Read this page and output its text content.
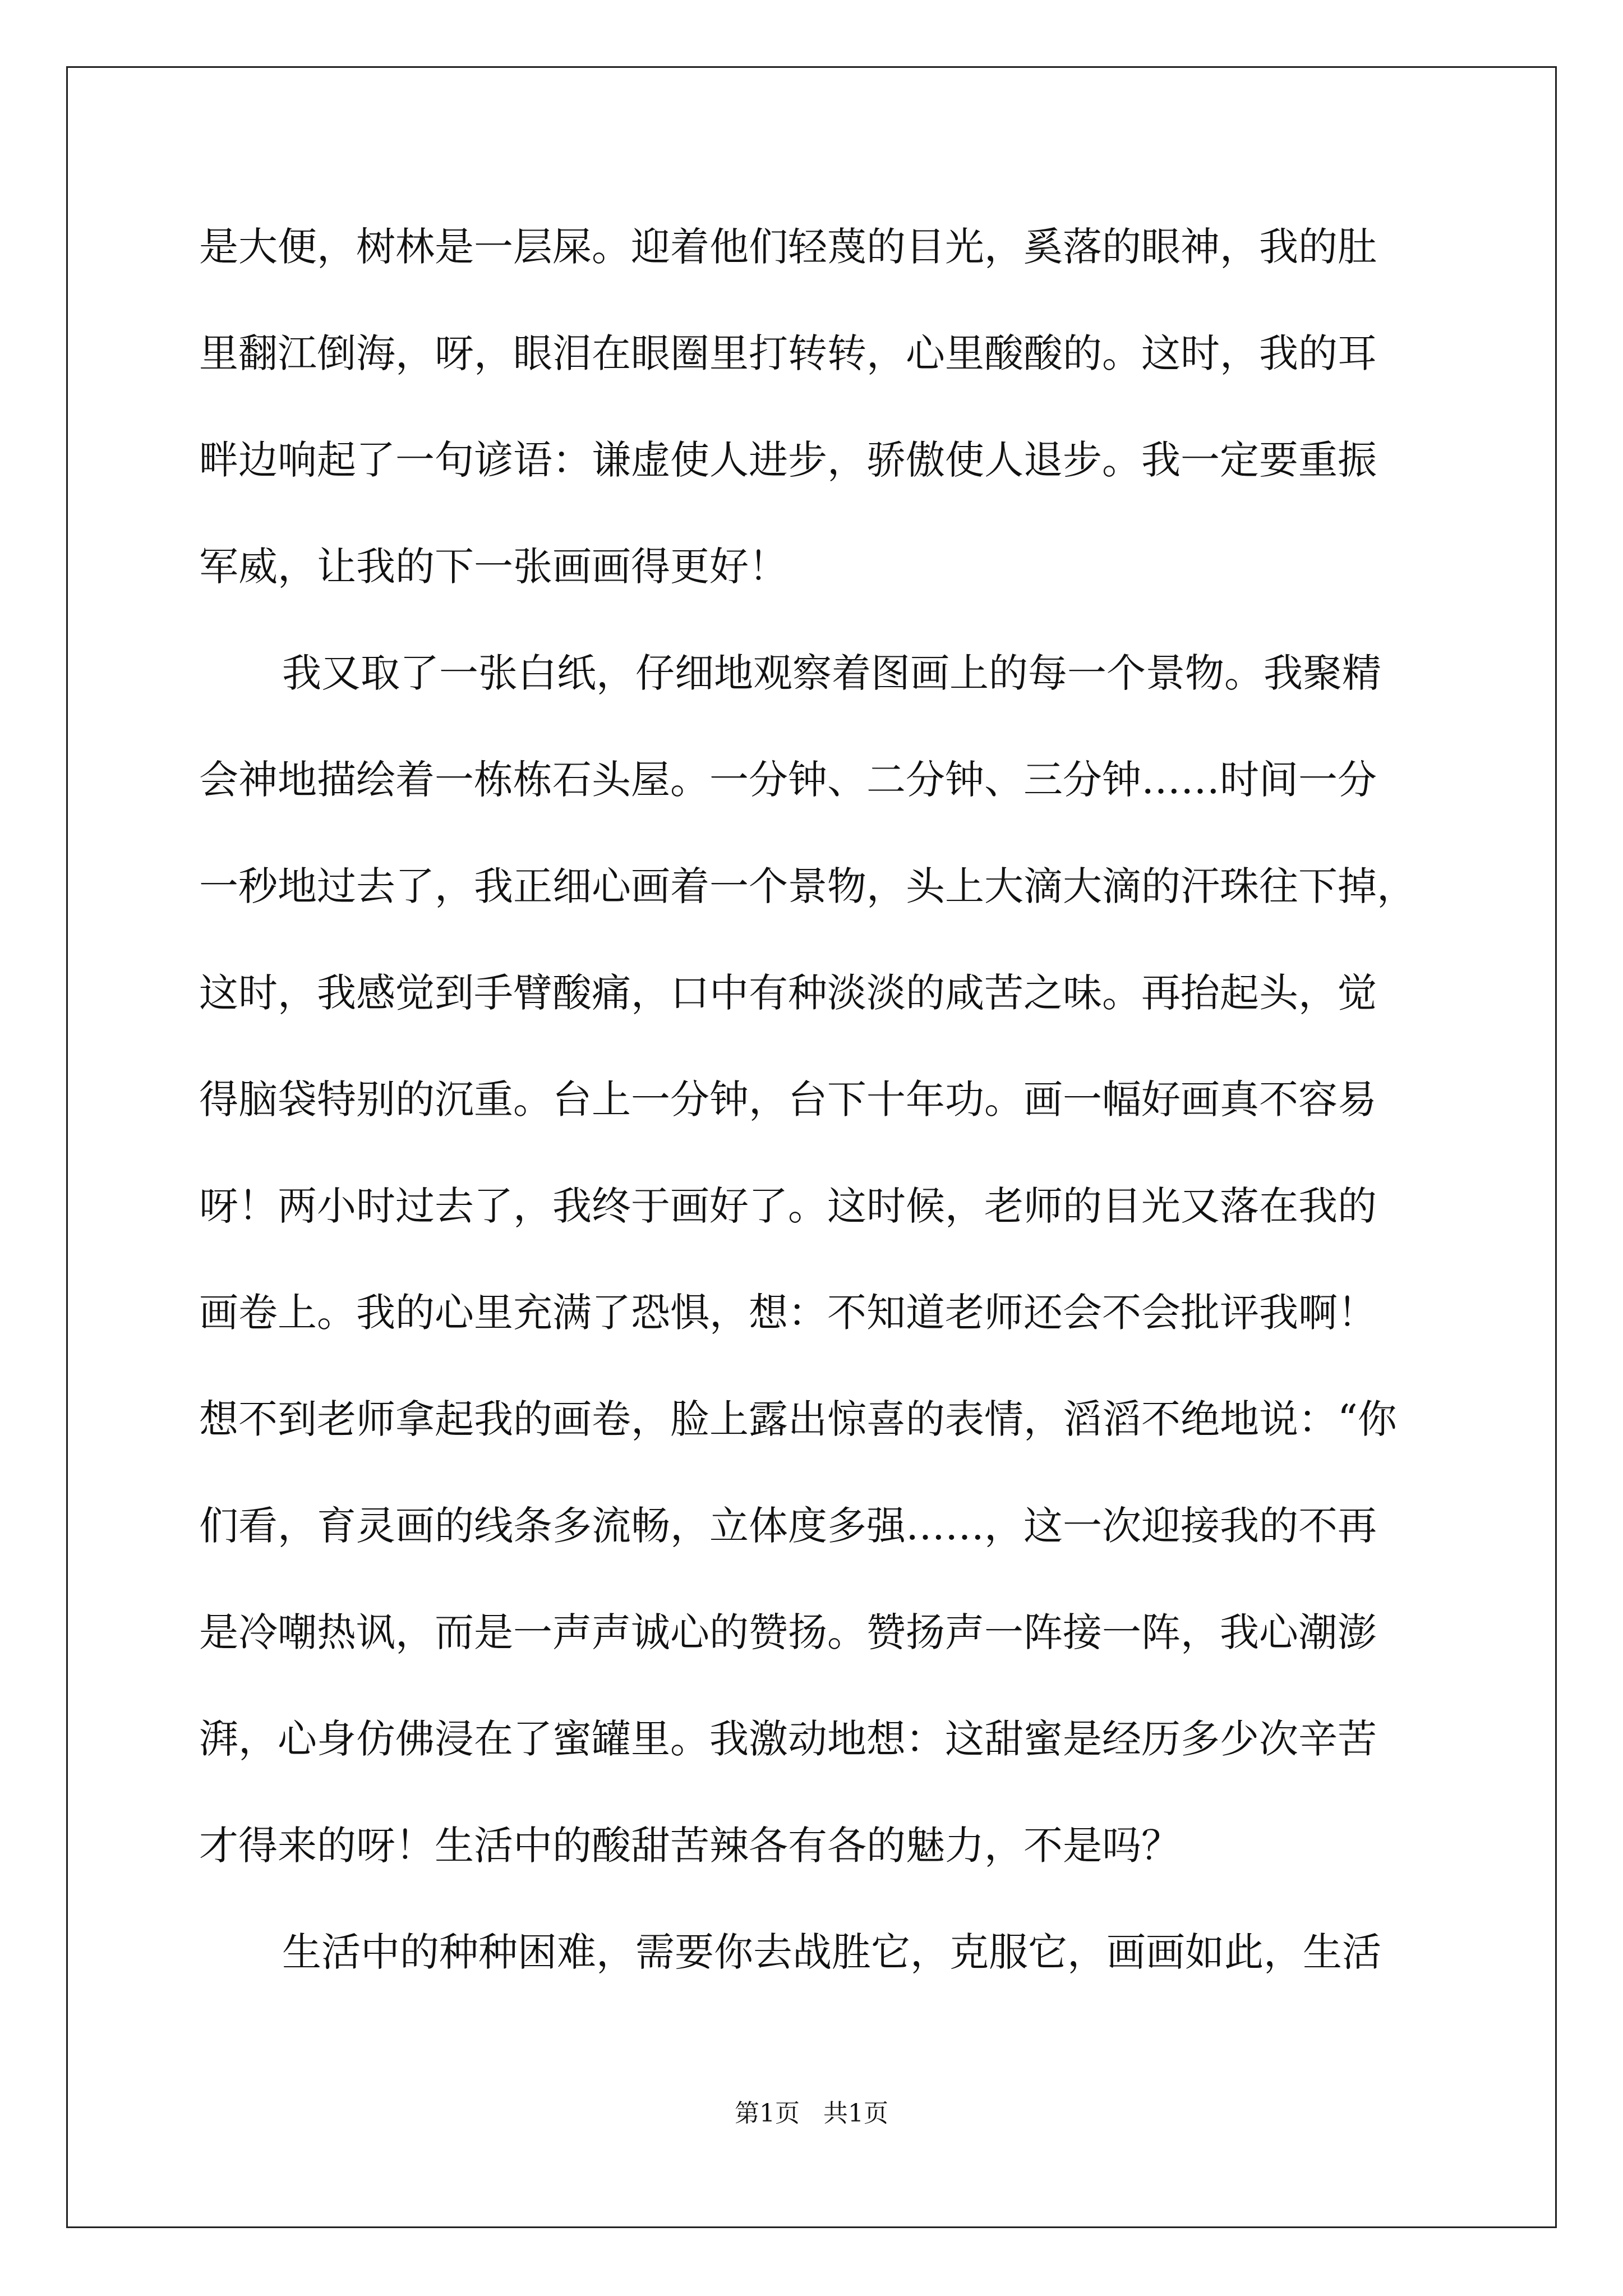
是大便，树林是一层屎。迎着他们轻蔑的目光，奚落的眼神，我的肚
里翻江倒海，呀，眼泪在眼圈里打转转，心里酸酸的。这时，我的耳
畔边响起了一句谚语：谦虚使人进步，骄傲使人退步。我一定要重振
军威，让我的下一张画画得更好！
我又取了一张白纸，仔细地观察着图画上的每一个景物。我聚精
会神地描绘着一栋栋石头屋。一分钟、二分钟、三分钟……时间一分
一秒地过去了，我正细心画着一个景物，头上大滴大滴的汗珠往下掉，
这时，我感觉到手臂酸痛，口中有种淡淡的咸苦之味。再抬起头，觉
得脑袋特别的沉重。台上一分钟，台下十年功。画一幅好画真不容易
呀！两小时过去了，我终于画好了。这时候，老师的目光又落在我的
画卷上。我的心里充满了恐惧，想：不知道老师还会不会批评我啊！
想不到老师拿起我的画卷，脸上露出惊喜的表情，滔滔不绝地说：“你
们看，育灵画的线条多流畅，立体度多强……，这一次迎接我的不再
是冷嘲热讽，而是一声声诚心的赞扬。赞扬声一阵接一阵，我心潮澎
湃，心身仿佛浸在了蜜罐里。我激动地想：这甜蜜是经历多少次辛苦
才得来的呀！生活中的酸甜苦辣各有各的魅力，不是吗？
生活中的种种困难，需要你去战胜它，克服它，画画如此，生活
第1页 共1页
